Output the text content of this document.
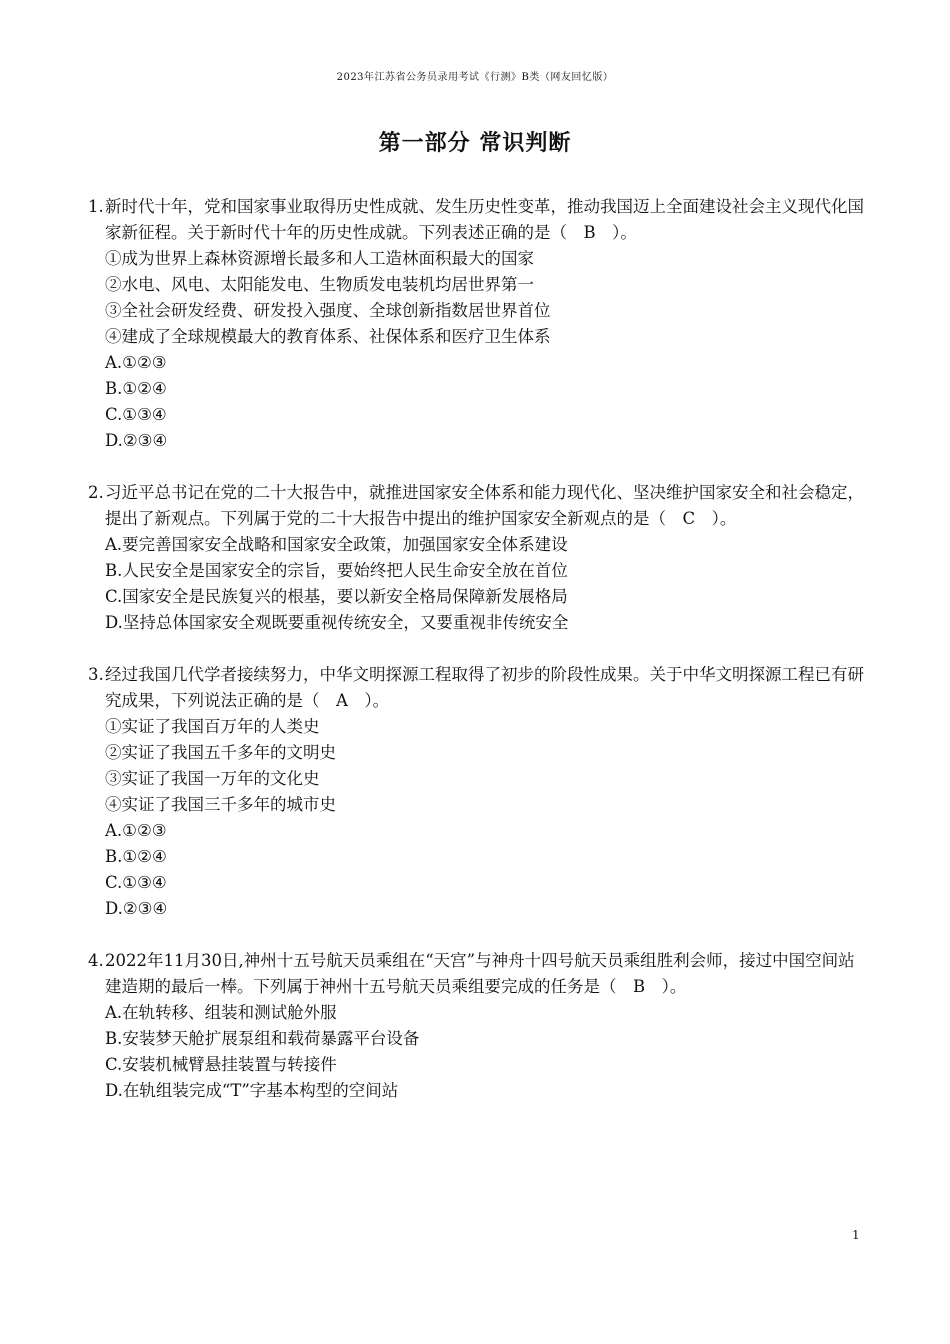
2023年江苏省公务员录用考试《行测》B类（网友回忆版）
第一部分 常识判断
1. 新时代十年，党和国家事业取得历史性成就、发生历史性变革，推动我国迈上全面建设社会主义现代化国家新征程。关于新时代十年的历史性成就。下列表述正确的是（　B　）。
①成为世界上森林资源增长最多和人工造林面积最大的国家
②水电、风电、太阳能发电、生物质发电装机均居世界第一
③全社会研发经费、研发投入强度、全球创新指数居世界首位
④建成了全球规模最大的教育体系、社保体系和医疗卫生体系
A.①②③
B.①②④
C.①③④
D.②③④
2. 习近平总书记在党的二十大报告中，就推进国家安全体系和能力现代化、坚决维护国家安全和社会稳定，提出了新观点。下列属于党的二十大报告中提出的维护国家安全新观点的是（　C　）。
A.要完善国家安全战略和国家安全政策，加强国家安全体系建设
B.人民安全是国家安全的宗旨，要始终把人民生命安全放在首位
C.国家安全是民族复兴的根基，要以新安全格局保障新发展格局
D.坚持总体国家安全观既要重视传统安全，又要重视非传统安全
3. 经过我国几代学者接续努力，中华文明探源工程取得了初步的阶段性成果。关于中华文明探源工程已有研究成果，下列说法正确的是（　A　）。
①实证了我国百万年的人类史
②实证了我国五千多年的文明史
③实证了我国一万年的文化史
④实证了我国三千多年的城市史
A.①②③
B.①②④
C.①③④
D.②③④
4. 2022年11月30日,神州十五号航天员乘组在“天宫”与神舟十四号航天员乘组胜利会师，接过中国空间站建造期的最后一棒。下列属于神州十五号航天员乘组要完成的任务是（　B　）。
A.在轨转移、组装和测试舱外服
B.安装梦天舱扩展泵组和载荷暴露平台设备
C.安装机械臂悬挂装置与转接件
D.在轨组装完成“T”字基本构型的空间站
1
